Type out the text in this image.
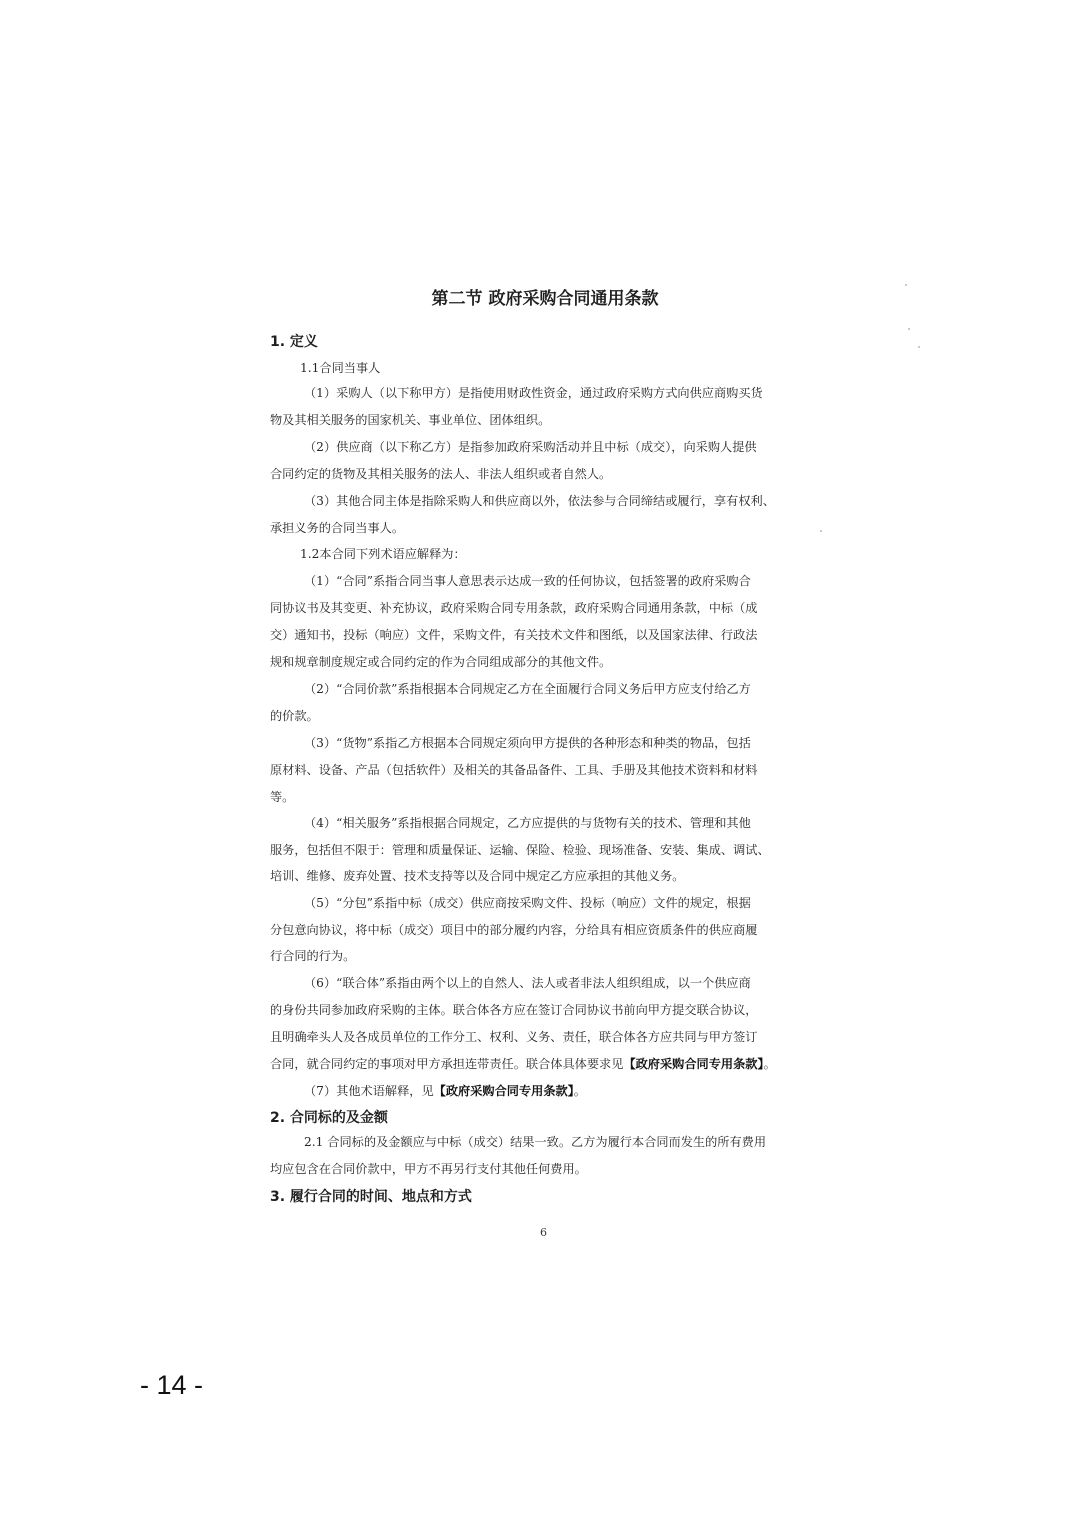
第二节 政府采购合同通用条款
1. 定义
1.1合同当事人
（1）采购人（以下称甲方）是指使用财政性资金，通过政府采购方式向供应商购买货
物及其相关服务的国家机关、事业单位、团体组织。
（2）供应商（以下称乙方）是指参加政府采购活动并且中标（成交），向采购人提供
合同约定的货物及其相关服务的法人、非法人组织或者自然人。
（3）其他合同主体是指除采购人和供应商以外，依法参与合同缔结或履行，享有权利、
承担义务的合同当事人。
1.2本合同下列术语应解释为：
（1）“合同”系指合同当事人意思表示达成一致的任何协议，包括签署的政府采购合
同协议书及其变更、补充协议，政府采购合同专用条款，政府采购合同通用条款，中标（成
交）通知书，投标（响应）文件，采购文件，有关技术文件和图纸，以及国家法律、行政法
规和规章制度规定或合同约定的作为合同组成部分的其他文件。
（2）“合同价款”系指根据本合同规定乙方在全面履行合同义务后甲方应支付给乙方
的价款。
（3）“货物”系指乙方根据本合同规定须向甲方提供的各种形态和种类的物品，包括
原材料、设备、产品（包括软件）及相关的其备品备件、工具、手册及其他技术资料和材料
等。
（4）“相关服务”系指根据合同规定，乙方应提供的与货物有关的技术、管理和其他
服务，包括但不限于：管理和质量保证、运输、保险、检验、现场准备、安装、集成、调试、
培训、维修、废弃处置、技术支持等以及合同中规定乙方应承担的其他义务。
（5）“分包”系指中标（成交）供应商按采购文件、投标（响应）文件的规定，根据
分包意向协议，将中标（成交）项目中的部分履约内容，分给具有相应资质条件的供应商履
行合同的行为。
（6）“联合体”系指由两个以上的自然人、法人或者非法人组织组成，以一个供应商
的身份共同参加政府采购的主体。联合体各方应在签订合同协议书前向甲方提交联合协议，
且明确牵头人及各成员单位的工作分工、权利、义务、责任，联合体各方应共同与甲方签订
合同，就合同约定的事项对甲方承担连带责任。联合体具体要求见【政府采购合同专用条款】。
（7）其他术语解释，见【政府采购合同专用条款】。
2. 合同标的及金额
2.1 合同标的及金额应与中标（成交）结果一致。乙方为履行本合同而发生的所有费用
均应包含在合同价款中，甲方不再另行支付其他任何费用。
3. 履行合同的时间、地点和方式
6
- 14 -
